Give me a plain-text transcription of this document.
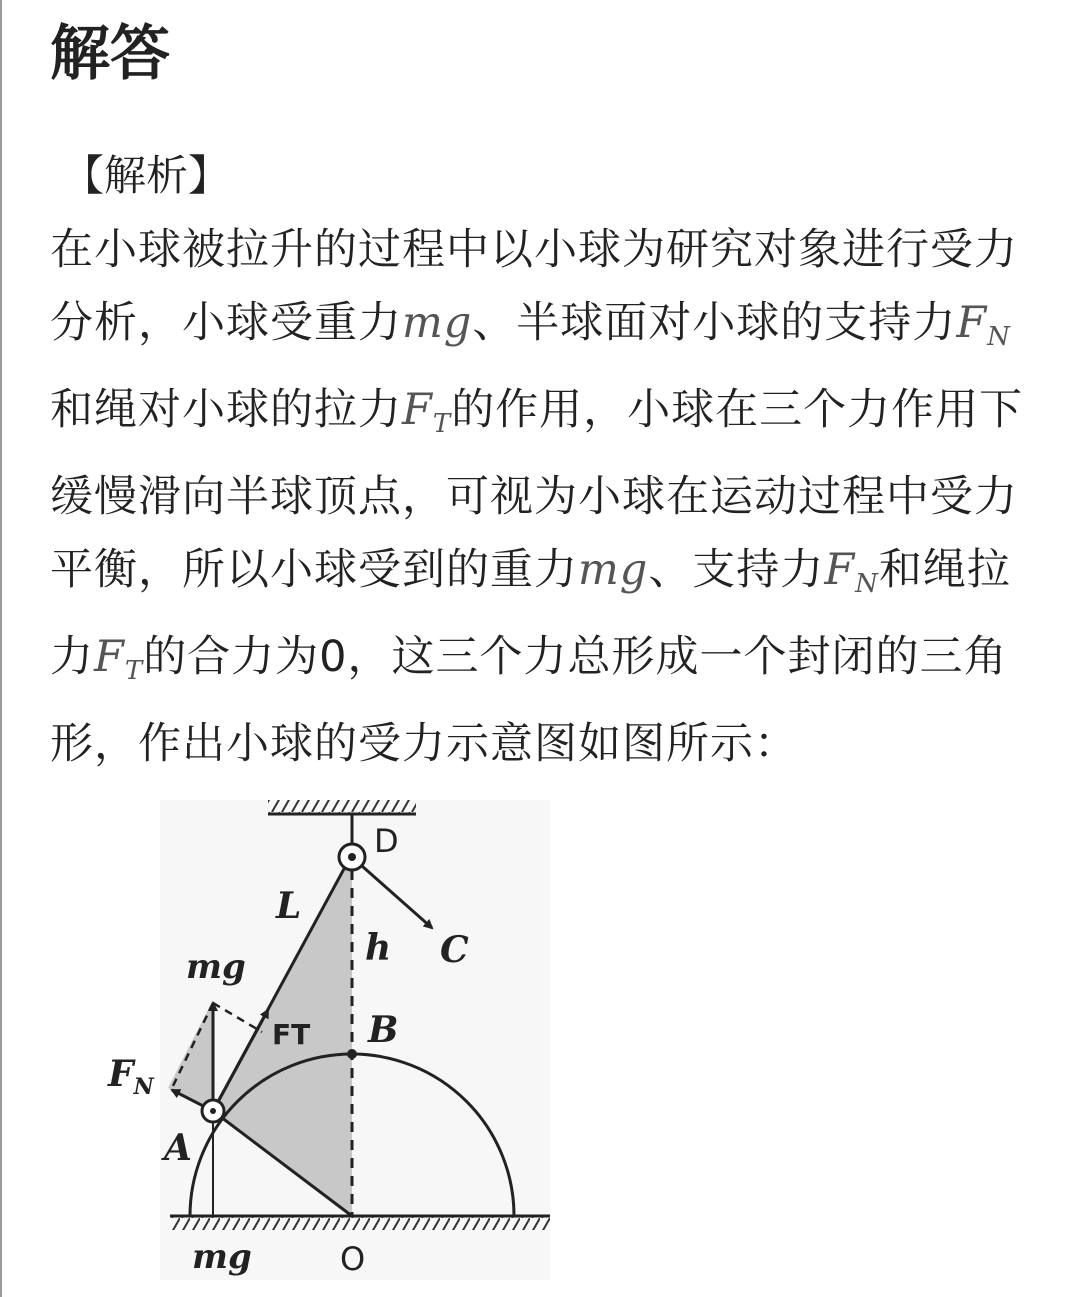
解答
【解析】

在小球被拉升的过程中以小球为研究对象进行受力分析，小球受重力mg、半球面对小球的支持力$F_N$和绳对小球的拉力$F_T$的作用，小球在三个力作用下缓慢滑向半球顶点，可视为小球在运动过程中受力平衡，所以小球受到的重力mg、支持力$F_N$和绳拉力$F_T$的合力为0，这三个力总形成一个封闭的三角形，作出小球的受力示意图如图所示：

D
C
L
h
B
A
O
mg
mg
FT
$F_N$
